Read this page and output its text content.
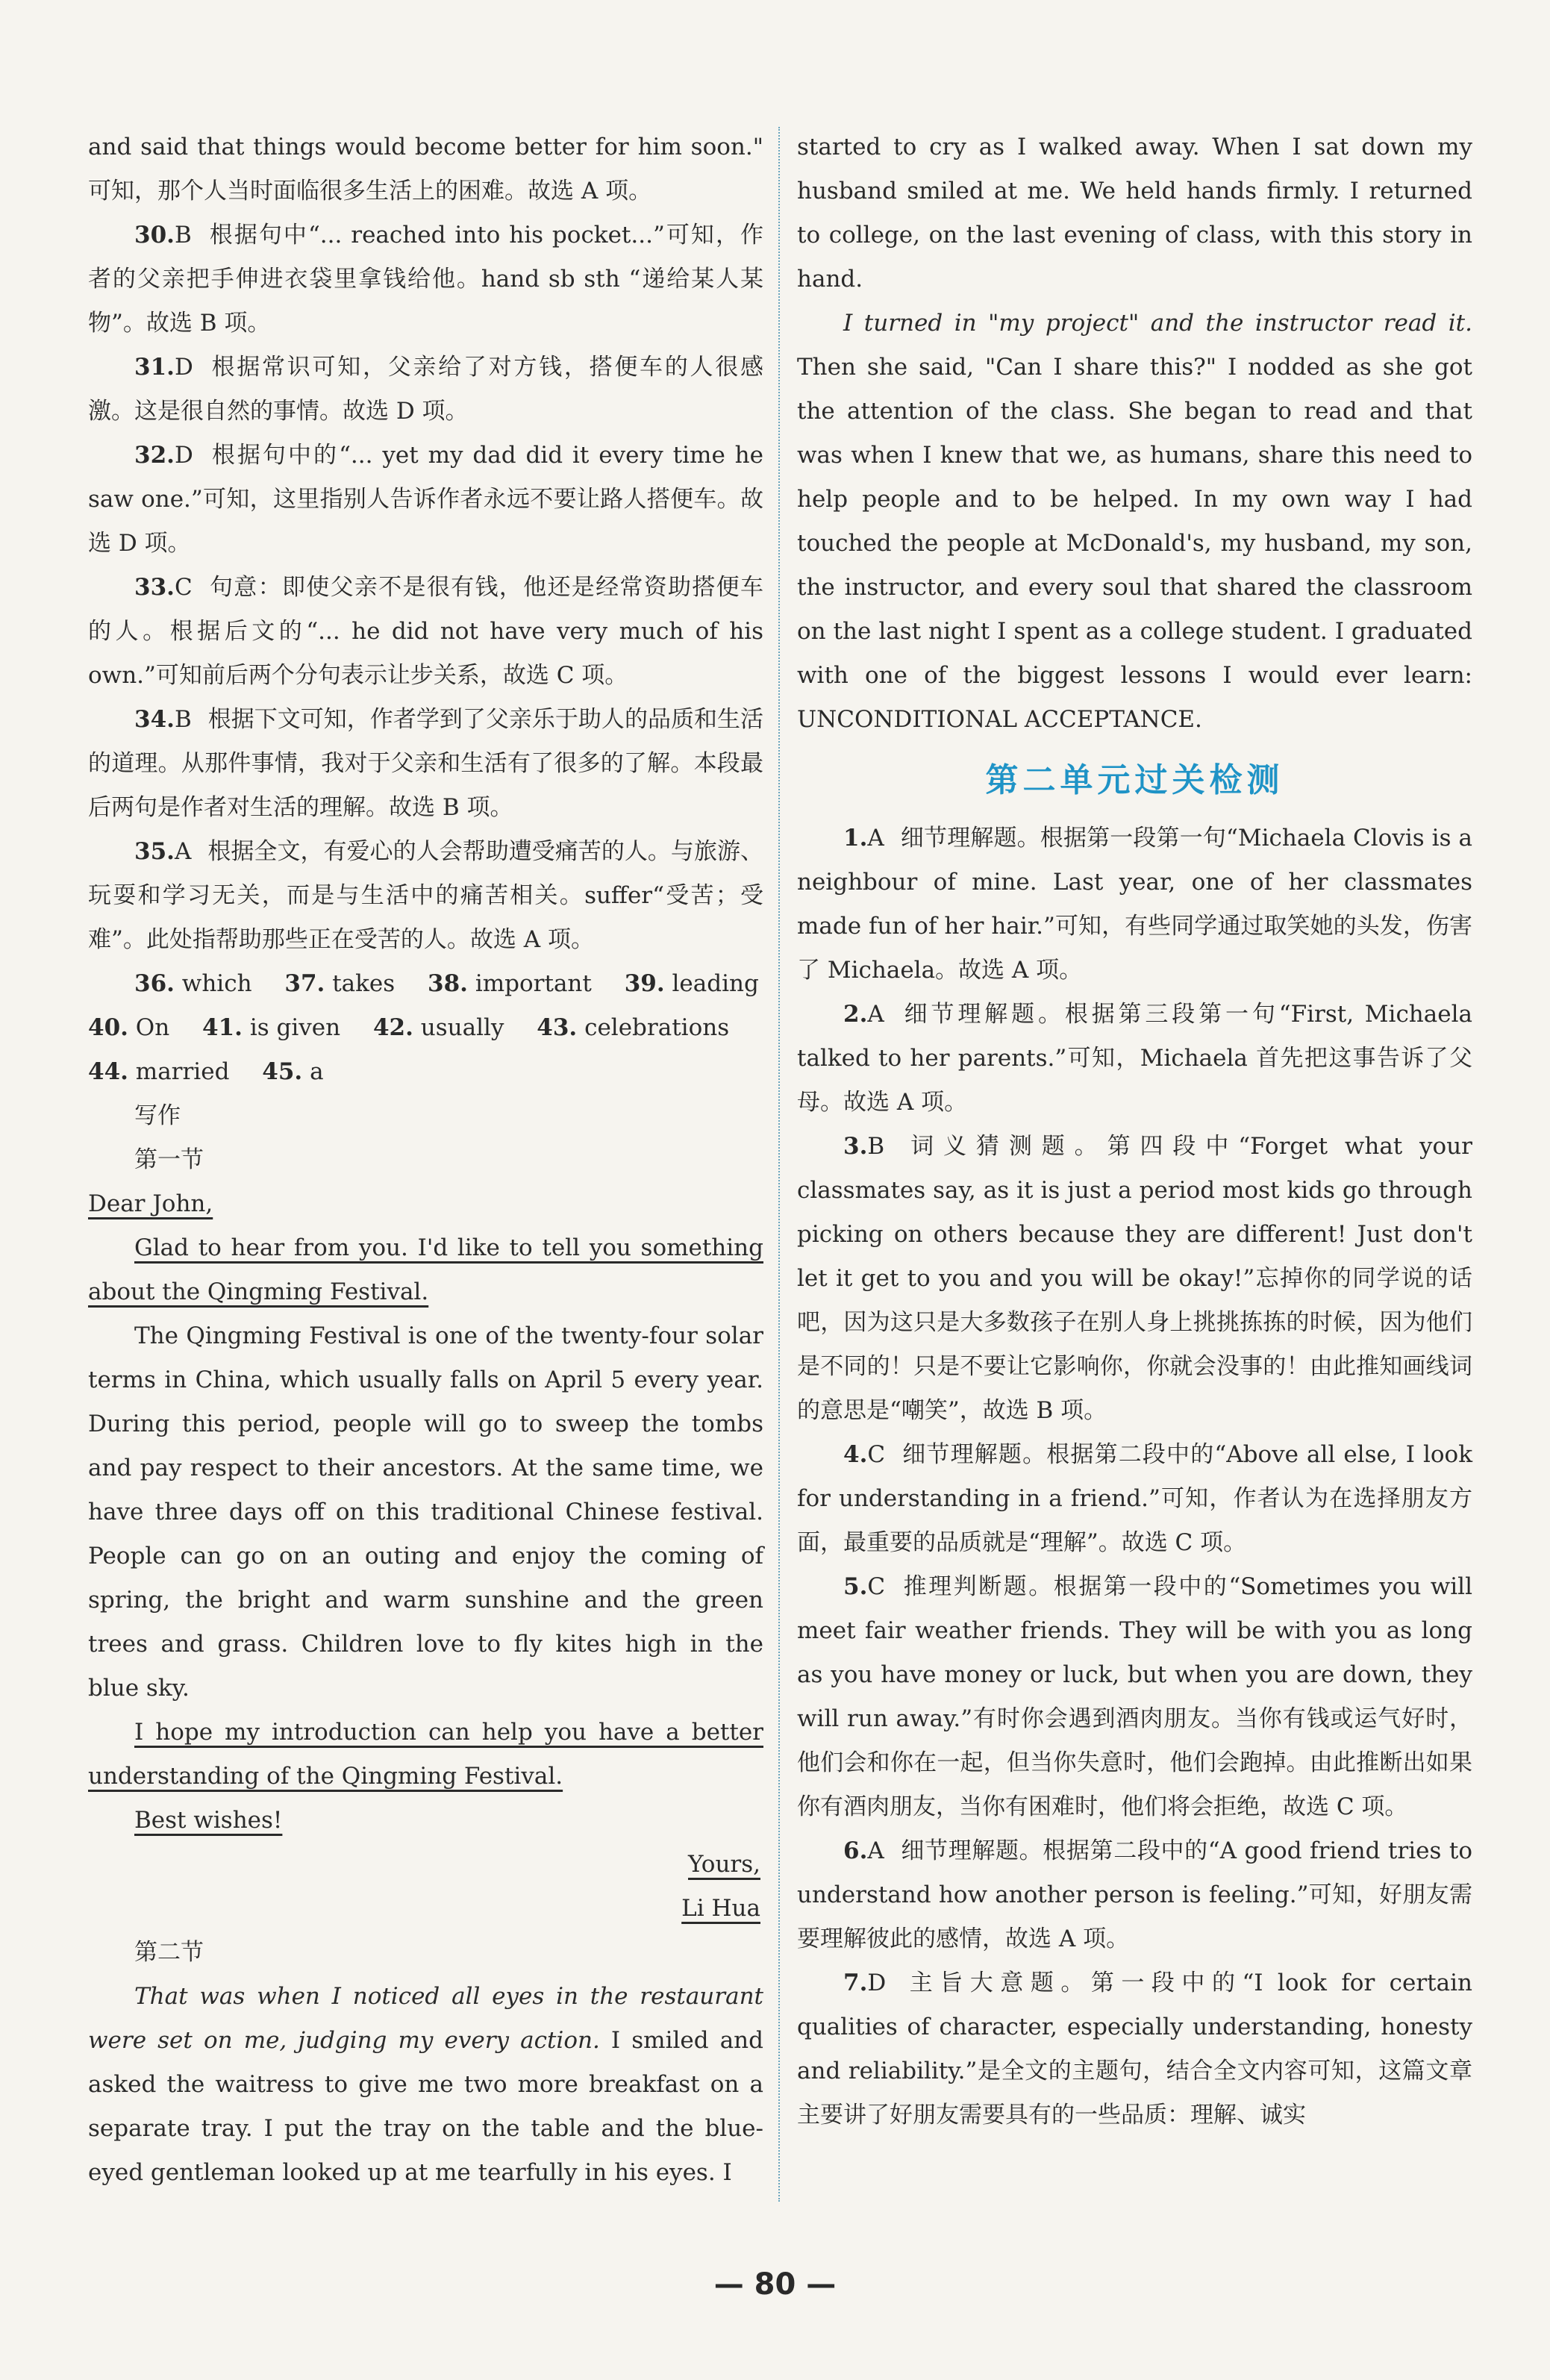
and said that things would become better for him soon." 可知，那个人当时面临很多生活上的困难。故选 A 项。

30.B 根据句中“... reached into his pocket...”可知，作者的父亲把手伸进衣袋里拿钱给他。hand sb sth “递给某人某物”。故选 B 项。

31.D 根据常识可知，父亲给了对方钱，搭便车的人很感激。这是很自然的事情。故选 D 项。

32.D 根据句中的“... yet my dad did it every time he saw one.”可知，这里指别人告诉作者永远不要让路人搭便车。故选 D 项。

33.C 句意：即使父亲不是很有钱，他还是经常资助搭便车的人。根据后文的“... he did not have very much of his own.”可知前后两个分句表示让步关系，故选 C 项。

34.B 根据下文可知，作者学到了父亲乐于助人的品质和生活的道理。从那件事情，我对于父亲和生活有了很多的了解。本段最后两句是作者对生活的理解。故选 B 项。

35.A 根据全文，有爱心的人会帮助遭受痛苦的人。与旅游、玩耍和学习无关，而是与生活中的痛苦相关。suffer“受苦；受难”。此处指帮助那些正在受苦的人。故选 A 项。

36. which 37. takes 38. important 39. leading

40. On 41. is given 42. usually 43. celebrations

44. married 45. a

写作

第一节

Dear John,

Glad to hear from you. I'd like to tell you something about the Qingming Festival.

The Qingming Festival is one of the twenty-four solar terms in China, which usually falls on April 5 every year. During this period, people will go to sweep the tombs and pay respect to their ancestors. At the same time, we have three days off on this traditional Chinese festival. People can go on an outing and enjoy the coming of spring, the bright and warm sunshine and the green trees and grass. Children love to fly kites high in the blue sky.

I hope my introduction can help you have a better understanding of the Qingming Festival.

Best wishes!

Yours,

Li Hua

第二节

That was when I noticed all eyes in the restaurant were set on me, judging my every action. I smiled and asked the waitress to give me two more breakfast on a separate tray. I put the tray on the table and the blue-eyed gentleman looked up at me tearfully in his eyes. I

started to cry as I walked away. When I sat down my husband smiled at me. We held hands firmly. I returned to college, on the last evening of class, with this story in hand.

I turned in "my project" and the instructor read it. Then she said, "Can I share this?" I nodded as she got the attention of the class. She began to read and that was when I knew that we, as humans, share this need to help people and to be helped. In my own way I had touched the people at McDonald's, my husband, my son, the instructor, and every soul that shared the classroom on the last night I spent as a college student. I graduated with one of the biggest lessons I would ever learn: UNCONDITIONAL ACCEPTANCE.

第二单元过关检测

1.A 细节理解题。根据第一段第一句“Michaela Clovis is a neighbour of mine. Last year, one of her classmates made fun of her hair.”可知，有些同学通过取笑她的头发，伤害了 Michaela。故选 A 项。

2.A 细节理解题。根据第三段第一句“First, Michaela talked to her parents.”可知，Michaela 首先把这事告诉了父母。故选 A 项。

3.B 词义猜测题。第四段中“Forget what your classmates say, as it is just a period most kids go through picking on others because they are different! Just don't let it get to you and you will be okay!”忘掉你的同学说的话吧，因为这只是大多数孩子在别人身上挑挑拣拣的时候，因为他们是不同的！只是不要让它影响你，你就会没事的！由此推知画线词的意思是“嘲笑”，故选 B 项。

4.C 细节理解题。根据第二段中的“Above all else, I look for understanding in a friend.”可知，作者认为在选择朋友方面，最重要的品质就是“理解”。故选 C 项。

5.C 推理判断题。根据第一段中的“Sometimes you will meet fair weather friends. They will be with you as long as you have money or luck, but when you are down, they will run away.”有时你会遇到酒肉朋友。当你有钱或运气好时，他们会和你在一起，但当你失意时，他们会跑掉。由此推断出如果你有酒肉朋友，当你有困难时，他们将会拒绝，故选 C 项。

6.A 细节理解题。根据第二段中的“A good friend tries to understand how another person is feeling.”可知，好朋友需要理解彼此的感情，故选 A 项。

7.D 主旨大意题。第一段中的“I look for certain qualities of character, especially understanding, honesty and reliability.”是全文的主题句，结合全文内容可知，这篇文章主要讲了好朋友需要具有的一些品质：理解、诚实

— 80 —
